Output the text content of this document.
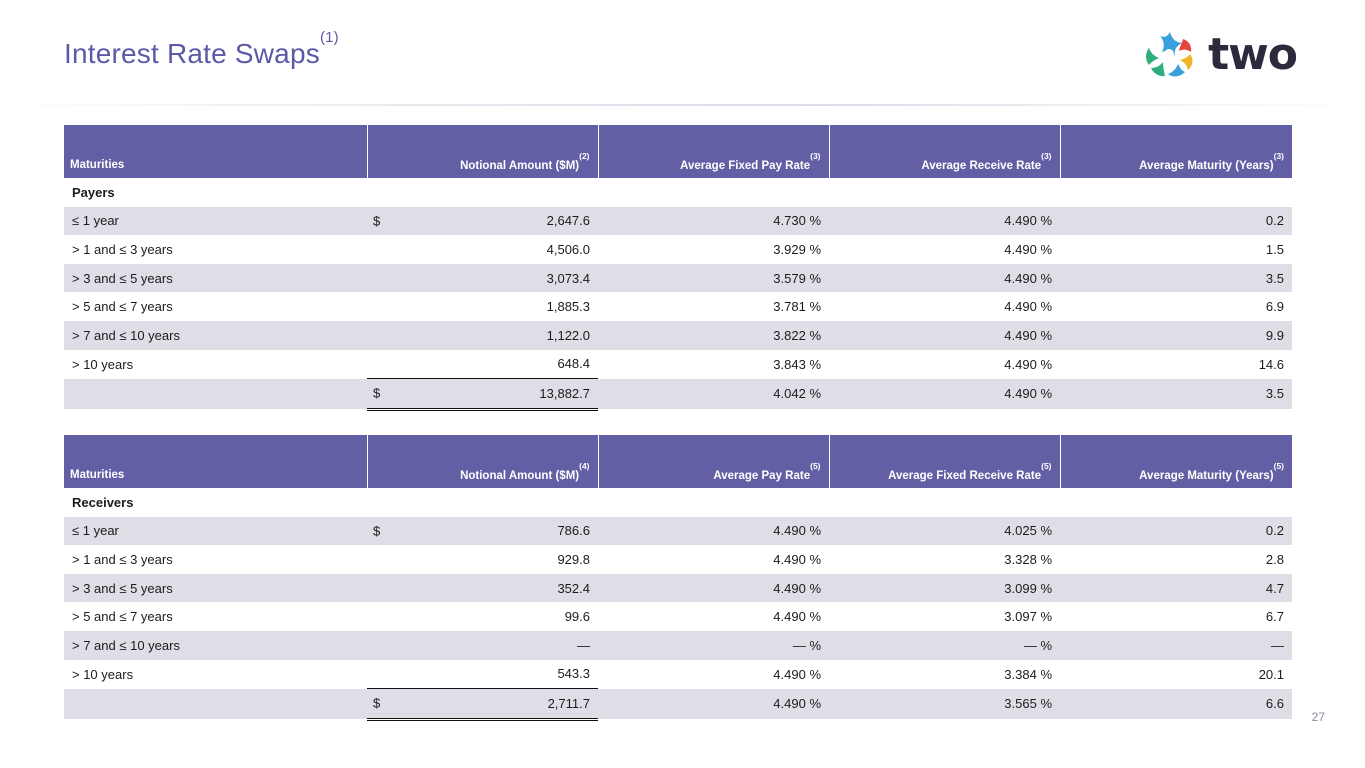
Interest Rate Swaps$^{(1)}$	two
Maturities	Notional Amount ($M)$^{(2)}$	Average Fixed Pay Rate$^{(3)}$	Average Receive Rate$^{(3)}$	Average Maturity (Years)$^{(3)}$
Payers				
≤ 1 year	$ 2,647.6	4.730 %	4.490 %	0.2
> 1 and ≤ 3 years	4,506.0	3.929 %	4.490 %	1.5
> 3 and ≤ 5 years	3,073.4	3.579 %	4.490 %	3.5
> 5 and ≤ 7 years	1,885.3	3.781 %	4.490 %	6.9
> 7 and ≤ 10 years	1,122.0	3.822 %	4.490 %	9.9
> 10 years	648.4	3.843 %	4.490 %	14.6

	$ 13,882.7	4.042 %	4.490 %	3.5
Maturities	Notional Amount ($M)$^{(4)}$	Average Pay Rate$^{(5)}$	Average Fixed Receive Rate$^{(5)}$	Average Maturity (Years)$^{(5)}$
Receivers				
≤ 1 year	$ 786.6	4.490 %	4.025 %	0.2
> 1 and ≤ 3 years	929.8	4.490 %	3.328 %	2.8
> 3 and ≤ 5 years	352.4	4.490 %	3.099 %	4.7
> 5 and ≤ 7 years	99.6	4.490 %	3.097 %	6.7
> 7 and ≤ 10 years	—	— %	— %	—
> 10 years	543.3	4.490 %	3.384 %	20.1

	$ 2,711.7	4.490 %	3.565 %	6.6
27
